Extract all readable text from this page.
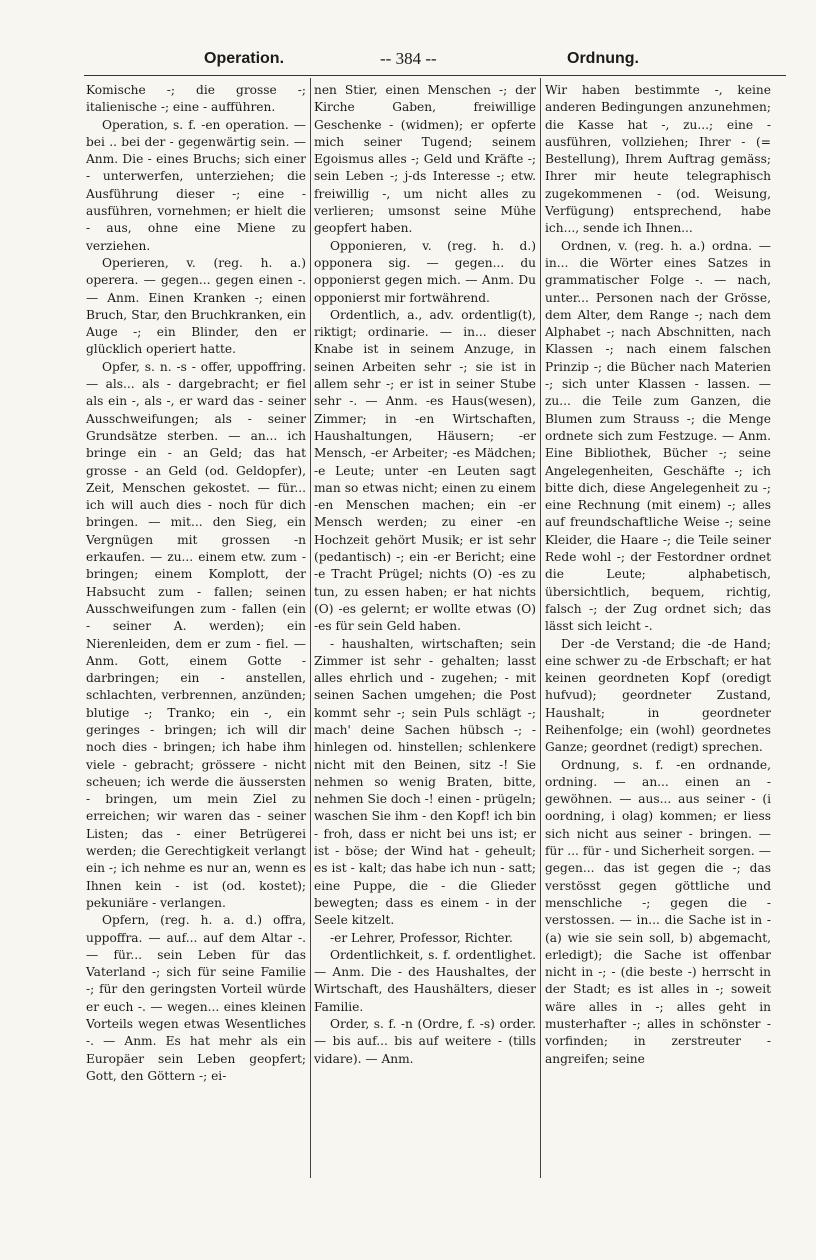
Operation.	-- 384 --	Ordnung.

Komische -; die grosse -; italienische -; eine - aufführen.

Operation, s. f. -en operation. — bei .. bei der - gegenwärtig sein. — Anm. Die - eines Bruchs; sich einer - unterwerfen, unterziehen; die Ausführung dieser -; eine - ausführen, vornehmen; er hielt die - aus, ohne eine Miene zu verziehen.

Operieren, v. (reg. h. a.) operera. — gegen... gegen einen -. — Anm. Einen Kranken -; einen Bruch, Star, den Bruchkranken, ein Auge -; ein Blinder, den er glücklich operiert hatte.

Opfer, s. n. -s - offer, uppoffring. — als... als - dargebracht; er fiel als ein -, als -, er ward das - seiner Ausschweifungen; als - seiner Grundsätze sterben. — an... ich bringe ein - an Geld; das hat grosse - an Geld (od. Geldopfer), Zeit, Menschen gekostet. — für... ich will auch dies - noch für dich bringen. — mit... den Sieg, ein Vergnügen mit grossen -n erkaufen. — zu... einem etw. zum - bringen; einem Komplott, der Habsucht zum - fallen; seinen Ausschweifungen zum - fallen (ein - seiner A. werden); ein Nierenleiden, dem er zum - fiel. — Anm. Gott, einem Gotte - darbringen; ein - anstellen, schlachten, verbrennen, anzünden; blutige -; Tranko; ein -, ein geringes - bringen; ich will dir noch dies - bringen; ich habe ihm viele - gebracht; grössere - nicht scheuen; ich werde die äussersten - bringen, um mein Ziel zu erreichen; wir waren das - seiner Listen; das - einer Betrügerei werden; die Gerechtigkeit verlangt ein -; ich nehme es nur an, wenn es Ihnen kein - ist (od. kostet); pekuniäre - verlangen.

Opfern, (reg. h. a. d.) offra, uppoffra. — auf... auf dem Altar -. — für... sein Leben für das Vaterland -; sich für seine Familie -; für den geringsten Vorteil würde er euch -. — wegen... eines kleinen Vorteils wegen etwas Wesentliches -. — Anm. Es hat mehr als ein Europäer sein Leben geopfert; Gott, den Göttern -; ei-

nen Stier, einen Menschen -; der Kirche Gaben, freiwillige Geschenke - (widmen); er opferte mich seiner Tugend; seinem Egoismus alles -; Geld und Kräfte -; sein Leben -; j-ds Interesse -; etw. freiwillig -, um nicht alles zu verlieren; umsonst seine Mühe geopfert haben.

Opponieren, v. (reg. h. d.) opponera sig. — gegen... du opponierst gegen mich. — Anm. Du opponierst mir fortwährend.

Ordentlich, a., adv. ordentlig(t), riktigt; ordinarie. — in... dieser Knabe ist in seinem Anzuge, in seinen Arbeiten sehr -; sie ist in allem sehr -; er ist in seiner Stube sehr -. — Anm. -es Haus(wesen), Zimmer; in -en Wirtschaften, Haushaltungen, Häusern; -er Mensch, -er Arbeiter; -es Mädchen; -e Leute; unter -en Leuten sagt man so etwas nicht; einen zu einem -en Menschen machen; ein -er Mensch werden; zu einer -en Hochzeit gehört Musik; er ist sehr (pedantisch) -; ein -er Bericht; eine -e Tracht Prügel; nichts (O) -es zu tun, zu essen haben; er hat nichts (O) -es gelernt; er wollte etwas (O) -es für sein Geld haben.

- haushalten, wirtschaften; sein Zimmer ist sehr - gehalten; lasst alles ehrlich und - zugehen; - mit seinen Sachen umgehen; die Post kommt sehr -; sein Puls schlägt -; mach' deine Sachen hübsch -; - hinlegen od. hinstellen; schlenkere nicht mit den Beinen, sitz -! Sie nehmen so wenig Braten, bitte, nehmen Sie doch -! einen - prügeln; waschen Sie ihm - den Kopf! ich bin - froh, dass er nicht bei uns ist; er ist - böse; der Wind hat - geheult; es ist - kalt; das habe ich nun - satt; eine Puppe, die - die Glieder bewegten; dass es einem - in der Seele kitzelt.

-er Lehrer, Professor, Richter.

Ordentlichkeit, s. f. ordentlighet. — Anm. Die - des Haushaltes, der Wirtschaft, des Haushälters, dieser Familie.

Order, s. f. -n (Ordre, f. -s) order. — bis auf... bis auf weitere - (tills vidare). — Anm.

Wir haben bestimmte -, keine anderen Bedingungen anzunehmen; die Kasse hat -, zu...; eine - ausführen, vollziehen; Ihrer - (= Bestellung), Ihrem Auftrag gemäss; Ihrer mir heute telegraphisch zugekommenen - (od. Weisung, Verfügung) entsprechend, habe ich..., sende ich Ihnen...

Ordnen, v. (reg. h. a.) ordna. — in... die Wörter eines Satzes in grammatischer Folge -. — nach, unter... Personen nach der Grösse, dem Alter, dem Range -; nach dem Alphabet -; nach Abschnitten, nach Klassen -; nach einem falschen Prinzip -; die Bücher nach Materien -; sich unter Klassen - lassen. — zu... die Teile zum Ganzen, die Blumen zum Strauss -; die Menge ordnete sich zum Festzuge. — Anm. Eine Bibliothek, Bücher -; seine Angelegenheiten, Geschäfte -; ich bitte dich, diese Angelegenheit zu -; eine Rechnung (mit einem) -; alles auf freundschaftliche Weise -; seine Kleider, die Haare -; die Teile seiner Rede wohl -; der Festordner ordnet die Leute; alphabetisch, übersichtlich, bequem, richtig, falsch -; der Zug ordnet sich; das lässt sich leicht -.

Der -de Verstand; die -de Hand; eine schwer zu -de Erbschaft; er hat keinen geordneten Kopf (oredigt hufvud); geordneter Zustand, Haushalt; in geordneter Reihenfolge; ein (wohl) geordnetes Ganze; geordnet (redigt) sprechen.

Ordnung, s. f. -en ordnande, ordning. — an... einen an - gewöhnen. — aus... aus seiner - (i oordning, i olag) kommen; er liess sich nicht aus seiner - bringen. — für ... für - und Sicherheit sorgen. — gegen... das ist gegen die -; das verstösst gegen göttliche und menschliche -; gegen die - verstossen. — in... die Sache ist in -(a) wie sie sein soll, b) abgemacht, erledigt); die Sache ist offenbar nicht in -; - (die beste -) herrscht in der Stadt; es ist alles in -; soweit wäre alles in -; alles geht in musterhafter -; alles in schönster - vorfinden; in zerstreuter - angreifen; seine
